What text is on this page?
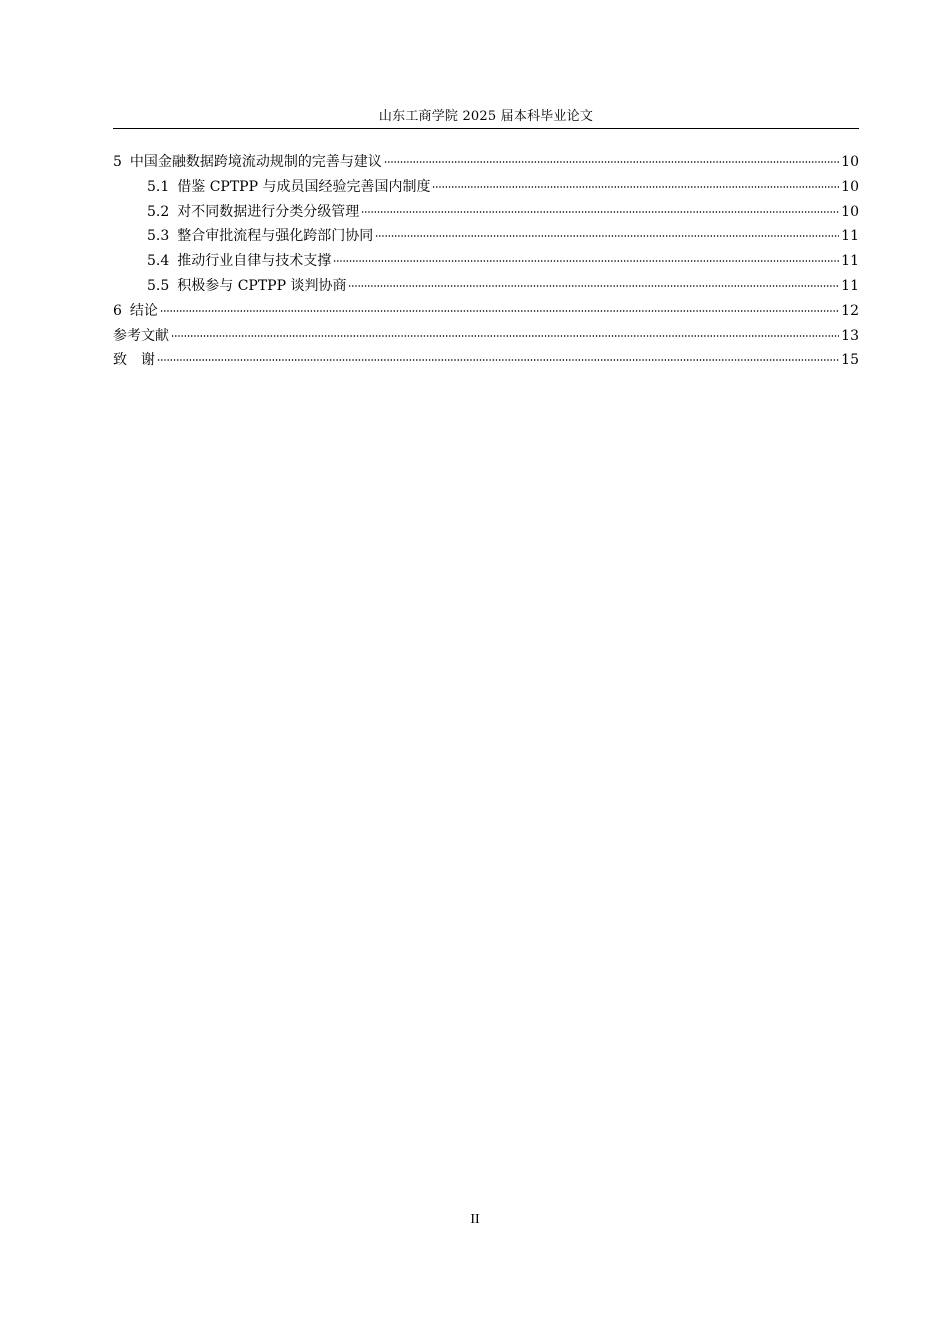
山东工商学院 2025 届本科毕业论文
5 中国金融数据跨境流动规制的完善与建议	10
5.1 借鉴 CPTPP 与成员国经验完善国内制度	10
5.2 对不同数据进行分类分级管理	10
5.3 整合审批流程与强化跨部门协同	11
5.4 推动行业自律与技术支撑	11
5.5 积极参与 CPTPP 谈判协商	11
6 结论	12
参考文献	13
致　谢	15
II
